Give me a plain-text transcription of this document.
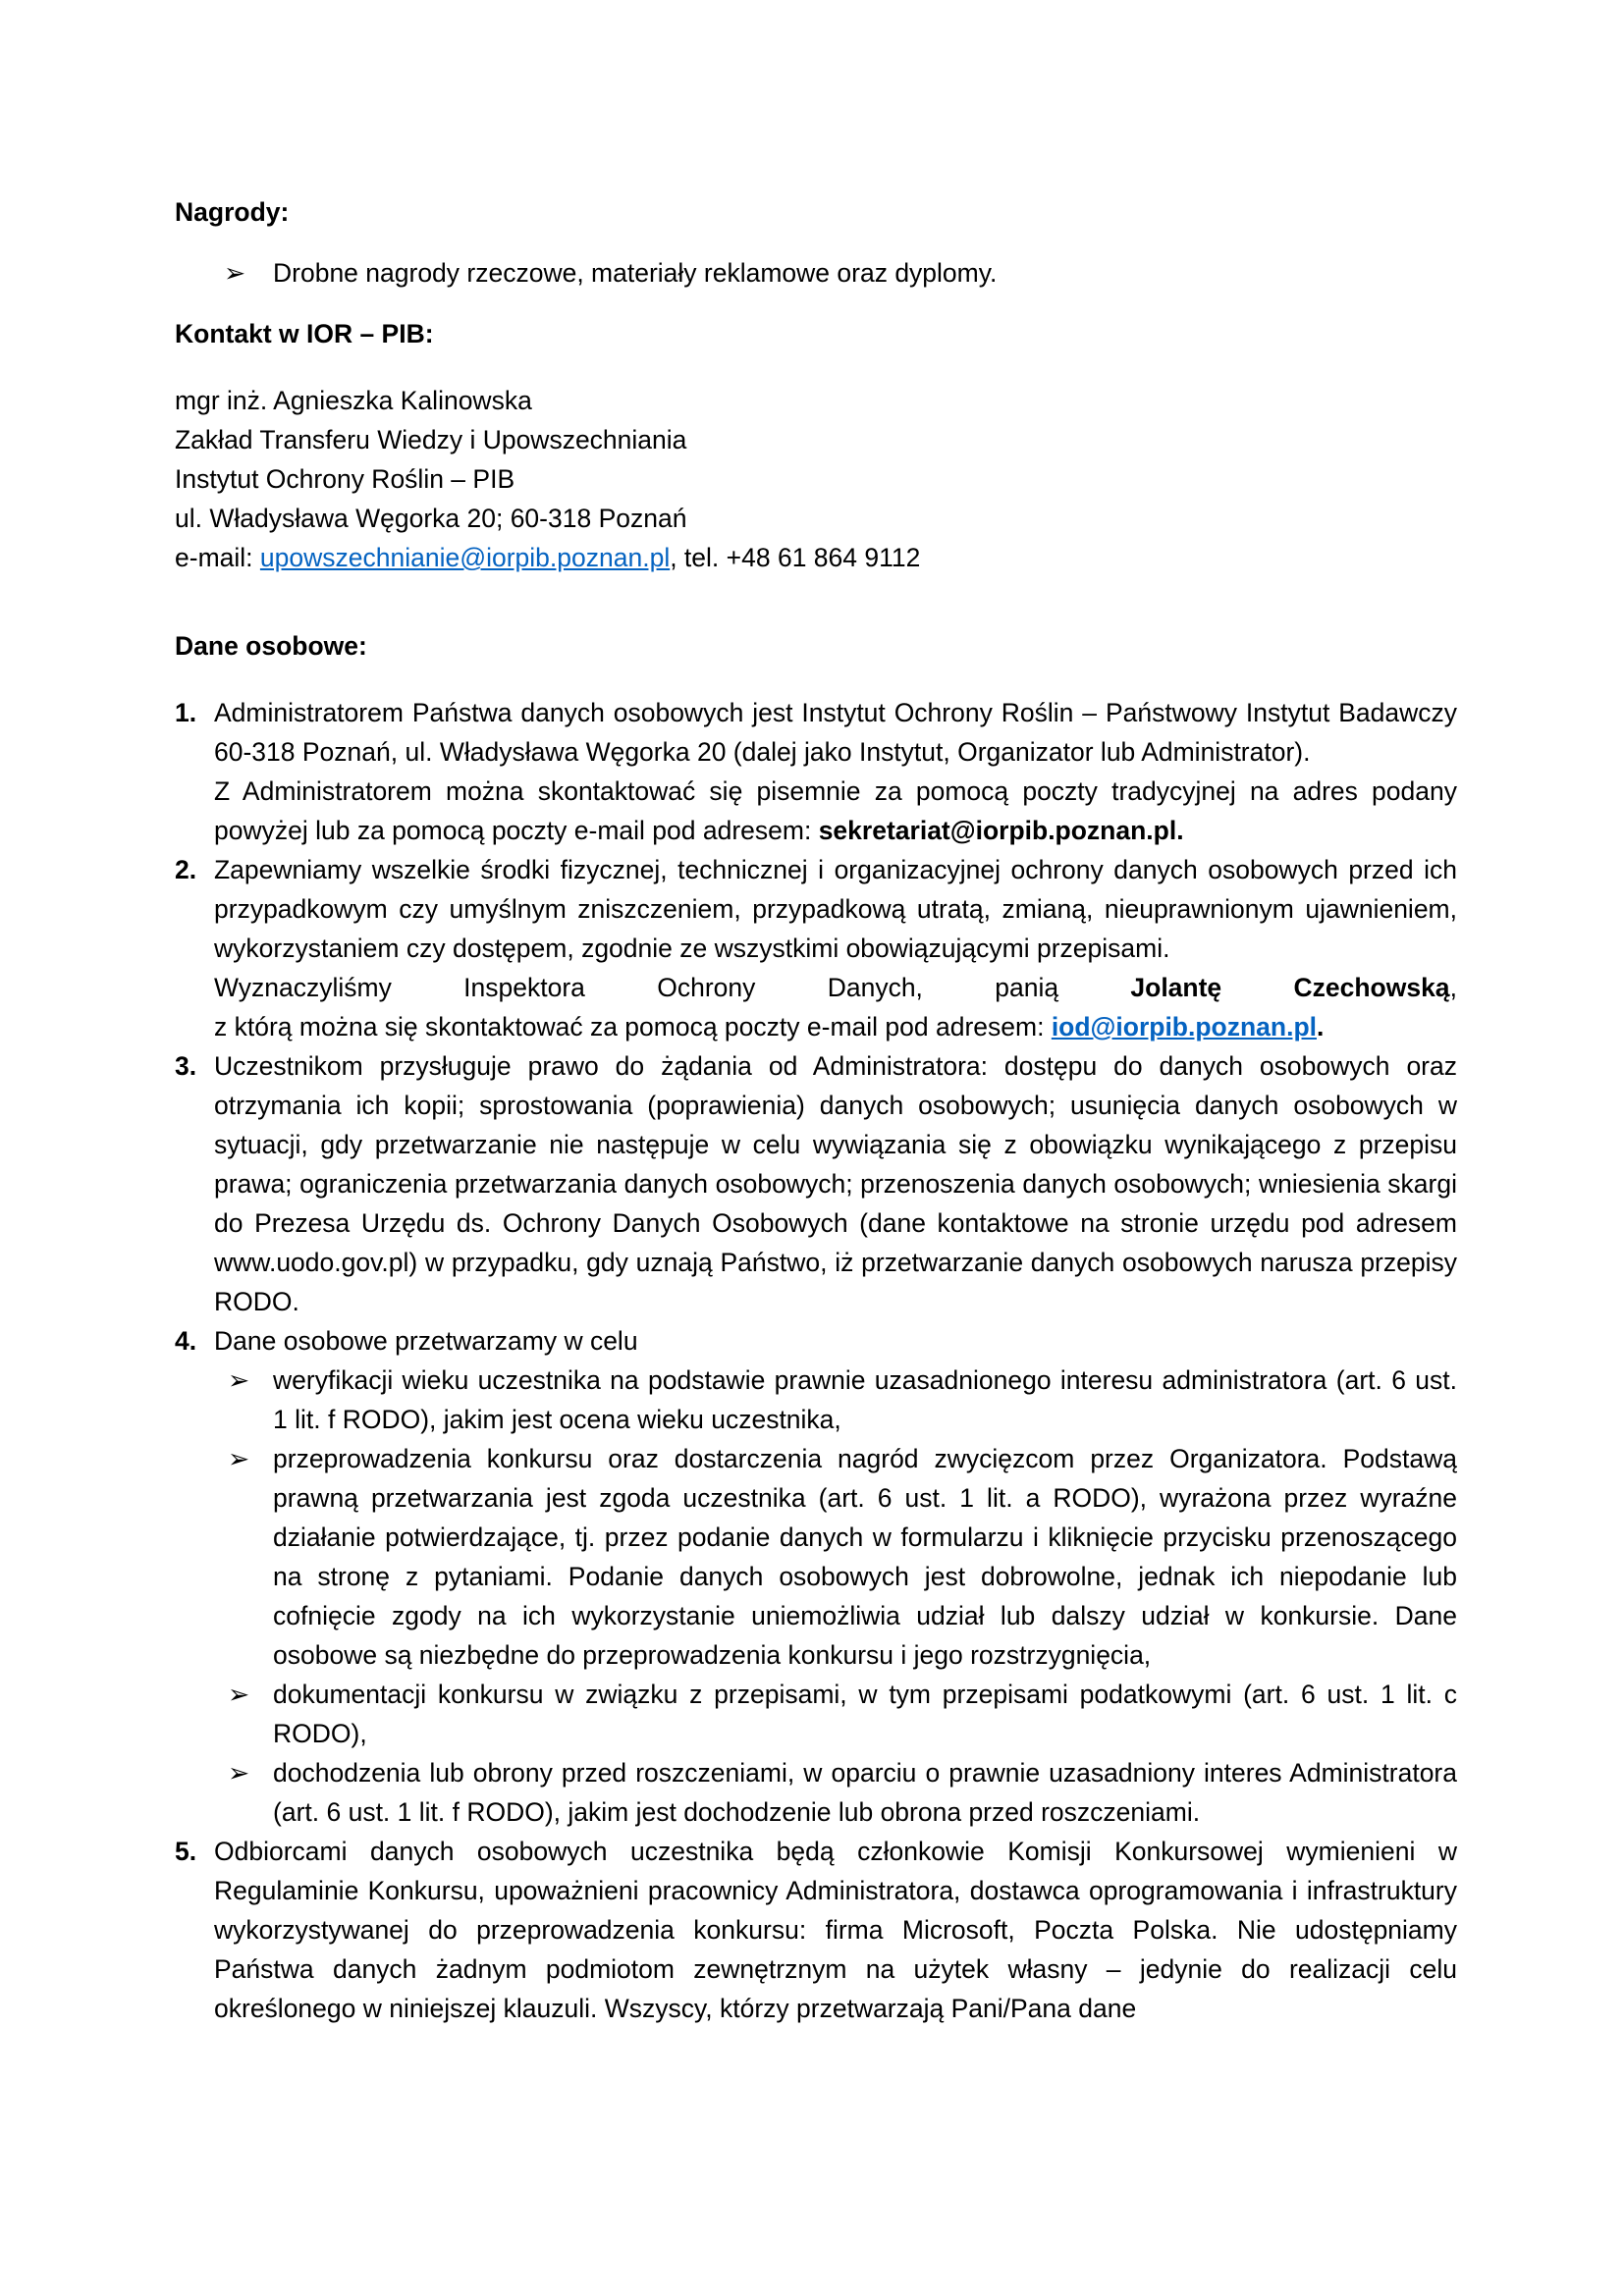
Nagrody:

➢ Drobne nagrody rzeczowe, materiały reklamowe oraz dyplomy.

Kontakt w IOR – PIB:

mgr inż. Agnieszka Kalinowska

Zakład Transferu Wiedzy i Upowszechniania

Instytut Ochrony Roślin – PIB

ul. Władysława Węgorka 20; 60-318 Poznań

e-mail: upowszechnianie@iorpib.poznan.pl, tel. +48 61 864 9112

Dane osobowe:

1. Administratorem Państwa danych osobowych jest Instytut Ochrony Roślin – Państwowy Instytut Badawczy 60-318 Poznań, ul. Władysława Węgorka 20 (dalej jako Instytut, Organizator lub Administrator).
Z Administratorem można skontaktować się pisemnie za pomocą poczty tradycyjnej na adres podany powyżej lub za pomocą poczty e-mail pod adresem: sekretariat@iorpib.poznan.pl.
2. Zapewniamy wszelkie środki fizycznej, technicznej i organizacyjnej ochrony danych osobowych przed ich przypadkowym czy umyślnym zniszczeniem, przypadkową utratą, zmianą, nieuprawnionym ujawnieniem, wykorzystaniem czy dostępem, zgodnie ze wszystkimi obowiązującymi przepisami.
Wyznaczyliśmy	Inspektora	Ochrony	Danych,	panią	Jolantę	Czechowską,
z którą można się skontaktować za pomocą poczty e-mail pod adresem: iod@iorpib.poznan.pl.
3. Uczestnikom przysługuje prawo do żądania od Administratora: dostępu do danych osobowych oraz otrzymania ich kopii; sprostowania (poprawienia) danych osobowych; usunięcia danych osobowych w sytuacji, gdy przetwarzanie nie następuje w celu wywiązania się z obowiązku wynikającego z przepisu prawa; ograniczenia przetwarzania danych osobowych; przenoszenia danych osobowych; wniesienia skargi do Prezesa Urzędu ds. Ochrony Danych Osobowych (dane kontaktowe na stronie urzędu pod adresem www.uodo.gov.pl) w przypadku, gdy uznają Państwo, iż przetwarzanie danych osobowych narusza przepisy RODO.
4. Dane osobowe przetwarzamy w celu
➢ weryfikacji wieku uczestnika na podstawie prawnie uzasadnionego interesu administratora (art. 6 ust. 1 lit. f RODO), jakim jest ocena wieku uczestnika,
➢ przeprowadzenia konkursu oraz dostarczenia nagród zwycięzcom przez Organizatora. Podstawą prawną przetwarzania jest zgoda uczestnika (art. 6 ust. 1 lit. a RODO), wyrażona przez wyraźne działanie potwierdzające, tj. przez podanie danych w formularzu i kliknięcie przycisku przenoszącego na stronę z pytaniami. Podanie danych osobowych jest dobrowolne, jednak ich niepodanie lub cofnięcie zgody na ich wykorzystanie uniemożliwia udział lub dalszy udział w konkursie. Dane osobowe są niezbędne do przeprowadzenia konkursu i jego rozstrzygnięcia,
➢ dokumentacji konkursu w związku z przepisami, w tym przepisami podatkowymi (art. 6 ust. 1 lit. c RODO),
➢ dochodzenia lub obrony przed roszczeniami, w oparciu o prawnie uzasadniony interes Administratora (art. 6 ust. 1 lit. f RODO), jakim jest dochodzenie lub obrona przed roszczeniami.
5. Odbiorcami danych osobowych uczestnika będą członkowie Komisji Konkursowej wymienieni w Regulaminie Konkursu, upoważnieni pracownicy Administratora, dostawca oprogramowania i infrastruktury wykorzystywanej do przeprowadzenia konkursu: firma Microsoft, Poczta Polska. Nie udostępniamy Państwa danych żadnym podmiotom zewnętrznym na użytek własny – jedynie do realizacji celu określonego w niniejszej klauzuli. Wszyscy, którzy przetwarzają Pani/Pana dane
